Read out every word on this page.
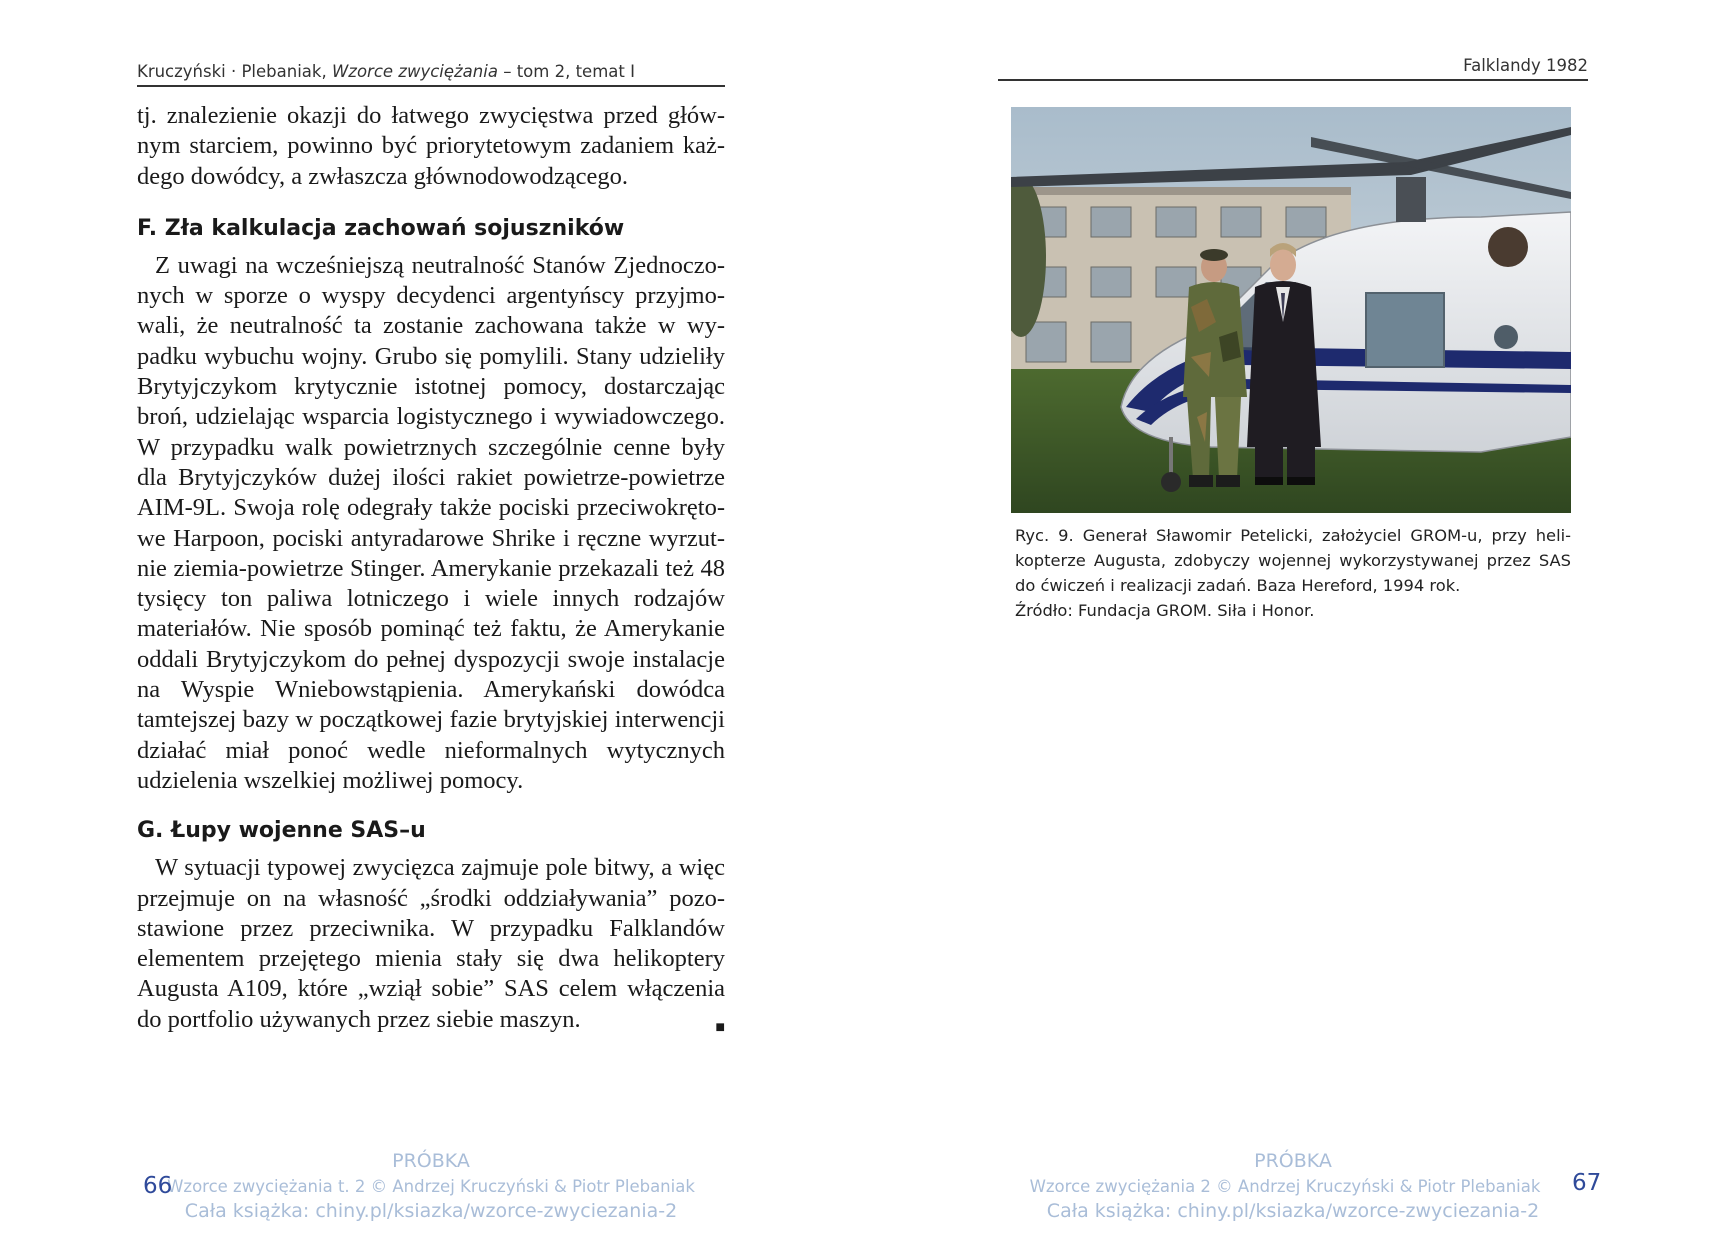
Kruczyński · Plebaniak, Wzorce zwyciężania – tom 2, temat I

tj. znalezienie okazji do łatwego zwycięstwa przed głównym starciem, powinno być priorytetowym zadaniem każdego dowódcy, a zwłaszcza głównodowodzącego.

F. Zła kalkulacja zachowań sojuszników

Z uwagi na wcześniejszą neutralność Stanów Zjednoczonych w sporze o wyspy decydenci argentyńscy przyjmowali, że neutralność ta zostanie zachowana także w wypadku wybuchu wojny. Grubo się pomylili. Stany udzieliły Brytyjczykom krytycznie istotnej pomocy, dostarczając broń, udzielając wsparcia logistycznego i wywiadowczego. W przypadku walk powietrznych szczególnie cenne były dla Brytyjczyków dużej ilości rakiet powietrze-powietrze AIM-9L. Swoja rolę odegrały także pociski przeciwokrętowe Harpoon, pociski antyradarowe Shrike i ręczne wyrzutnie ziemia-powietrze Stinger. Amerykanie przekazali też 48 tysięcy ton paliwa lotniczego i wiele innych rodzajów materiałów. Nie sposób pominąć też faktu, że Amerykanie oddali Brytyjczykom do pełnej dyspozycji swoje instalacje na Wyspie Wniebowstąpienia. Amerykański dowódca tamtejszej bazy w początkowej fazie brytyjskiej interwencji działać miał ponoć wedle nieformalnych wytycznych udzielenia wszelkiej możliwej pomocy.

G. Łupy wojenne SAS–u

W sytuacji typowej zwycięzca zajmuje pole bitwy, a więc przejmuje on na własność „środki oddziaływania” pozostawione przez przeciwnika. W przypadku Falklandów elementem przejętego mienia stały się dwa helikoptery Augusta A109, które „wziął sobie” SAS celem włączenia do portfolio używanych przez siebie maszyn.	■

PRÓBKA
Wzorce zwyciężania t. 2 © Andrzej Kruczyński & Piotr Plebaniak
Cała książka: chiny.pl/ksiazka/wzorce-zwyciezania-2
66
Falklandy 1982
Ryc. 9. Generał Sławomir Petelicki, założyciel GROM-u, przy heli-
kopterze Augusta, zdobyczy wojennej wykorzystywanej przez SAS
do ćwiczeń i realizacji zadań. Baza Hereford, 1994 rok.
Źródło: Fundacja GROM. Siła i Honor.
PRÓBKA
Wzorce zwyciężania 2 © Andrzej Kruczyński & Piotr Plebaniak
Cała książka: chiny.pl/ksiazka/wzorce-zwyciezania-2
67
